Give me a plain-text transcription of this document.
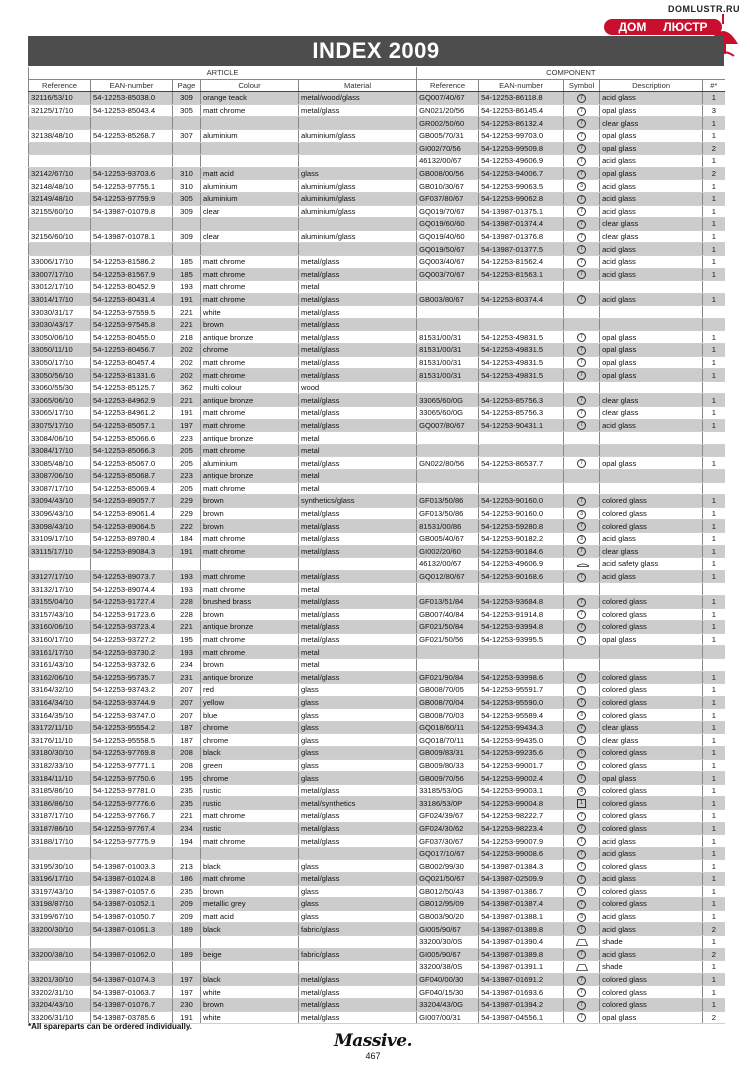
DOMLUSTR.RU
ДОМ ЛЮСТР
INDEX 2009
ARTICLE					COMPONENT				
Reference	EAN-number	Page	Colour	Material	Reference	EAN-number	Symbol	Description	#*
32116/53/10	54-12253-85038.0	309	orange teack	metal/wood/glass	GQ007/40/67	54-12253-86118.8	7	acid glass	1
32125/17/10	54-12253-85043.4	305	matt chrome	metal/glass	GN021/20/56	54-12253-86145.4	7	opal glass	3
					GR002/50/60	54-12253-86132.4	7	clear glass	1
32138/48/10	54-12253-85268.7	307	aluminium	aluminium/glass	GB005/70/31	54-12253-99703.0	7	opal glass	1
					GI002/70/56	54-12253-99509.8	7	opal glass	2
					46132/00/67	54-12253-49606.9	7	acid glass	1
32142/67/10	54-12253-93703.6	310	matt acid	glass	GB008/00/56	54-12253-94006.7	7	opal glass	2
32148/48/10	54-12253-97755.1	310	aluminium	aluminium/glass	GB010/30/67	54-12253-99063.5	3	acid glass	1
32149/48/10	54-12253-97759.9	305	aluminium	aluminium/glass	GF037/80/67	54-12253-99062.8	7	acid glass	1
32155/60/10	54-13987-01079.8	309	clear	aluminium/glass	GQ019/70/67	54-13987-01375.1	7	acid glass	1
					GQ019/60/60	54-13987-01374.4	7	clear glass	1
32156/60/10	54-13987-01078.1	309	clear	aluminium/glass	GQ019/40/60	54-13987-01376.8	7	clear glass	1
					GQ019/50/67	54-13987-01377.5	7	acid glass	1
33006/17/10	54-12253-81586.2	185	matt chrome	metal/glass	GQ003/40/67	54-12253-81562.4	7	acid glass	1
33007/17/10	54-12253-81567.9	185	matt chrome	metal/glass	GQ003/70/67	54-12253-81563.1	7	acid glass	1
33012/17/10	54-12253-80452.9	193	matt chrome	metal					
33014/17/10	54-12253-80431.4	191	matt chrome	metal/glass	GB003/80/67	54-12253-80374.4	7	acid glass	1
33030/31/17	54-12253-97559.5	221	white	metal/glass					
33030/43/17	54-12253-97545.8	221	brown	metal/glass					
33050/06/10	54-12253-80455.0	218	antique bronze	metal/glass	81531/00/31	54-12253-49831.5	7	opal glass	1
33050/11/10	54-12253-80456.7	202	chrome	metal/glass	81531/00/31	54-12253-49831.5	7	opal glass	1
33050/17/10	54-12253-80457.4	202	matt chrome	metal/glass	81531/00/31	54-12253-49831.5	7	opal glass	1
33050/56/10	54-12253-81331.6	202	matt chrome	metal/glass	81531/00/31	54-12253-49831.5	7	opal glass	1
33060/55/30	54-12253-85125.7	362	multi colour	wood					
33065/06/10	54-12253-84962.9	221	antique bronze	metal/glass	33065/60/0G	54-12253-85756.3	7	clear glass	1
33065/17/10	54-12253-84961.2	191	matt chrome	metal/glass	33065/60/0G	54-12253-85756.3	7	clear glass	1
33075/17/10	54-12253-85057.1	197	matt chrome	metal/glass	GQ007/80/67	54-12253-90431.1	7	acid glass	1
33084/06/10	54-12253-85066.6	223	antique bronze	metal					
33084/17/10	54-12253-85066.3	205	matt chrome	metal					
33085/48/10	54-12253-85067.0	205	aluminium	metal/glass	GN022/80/56	54-12253-86537.7	7	opal glass	1
33087/06/10	54-12253-85068.7	223	antique bronze	metal					
33087/17/10	54-12253-85069.4	205	matt chrome	metal					
33094/43/10	54-12253-89057.7	229	brown	synthetics/glass	GF013/50/86	54-12253-90160.0	7	colored glass	1
33096/43/10	54-12253-89061.4	229	brown	metal/glass	GF013/50/86	54-12253-90160.0	3	colored glass	1
33098/43/10	54-12253-89064.5	222	brown	metal/glass	81531/00/86	54-12253-59280.8	7	colored glass	1
33109/17/10	54-12253-89780.4	184	matt chrome	metal/glass	GB005/40/67	54-12253-90182.2	3	acid glass	1
33115/17/10	54-12253-89084.3	191	matt chrome	metal/glass	GI002/20/60	54-12253-90184.6	7	clear glass	1
					46132/00/67	54-12253-49606.9		acid safety glass	1
33127/17/10	54-12253-89073.7	193	matt chrome	metal/glass	GQ012/80/67	54-12253-90168.6	7	acid glass	1
33132/17/10	54-12253-89074.4	193	matt chrome	metal					
33155/04/10	54-12253-91727.4	228	brushed brass	metal/glass	GF013/51/84	54-12253-93684.8	7	colored glass	1
33157/43/10	54-12253-91723.6	228	brown	metal/glass	GB007/40/84	54-12253-91914.8	7	colored glass	1
33160/06/10	54-12253-93723.4	221	antique bronze	metal/glass	GF021/50/84	54-12253-93994.8	7	colored glass	1
33160/17/10	54-12253-93727.2	195	matt chrome	metal/glass	GF021/50/56	54-12253-93995.5	7	opal glass	1
33161/17/10	54-12253-93730.2	193	matt chrome	metal					
33161/43/10	54-12253-93732.6	234	brown	metal					
33162/06/10	54-12253-95735.7	231	antique bronze	metal/glass	GF021/90/84	54-12253-93998.6	7	colored glass	1
33164/32/10	54-12253-93743.2	207	red	glass	GB008/70/05	54-12253-95591.7	7	colored glass	1
33164/34/10	54-12253-93744.9	207	yellow	glass	GB008/70/04	54-12253-95590.0	7	colored glass	1
33164/35/10	54-12253-93747.0	207	blue	glass	GB008/70/03	54-12253-95589.4	3	colored glass	1
33172/11/10	54-12253-95554.2	187	chrome	glass	GQ018/60/11	54-12253-99434.3	7	clear glass	1
33176/11/10	54-12253-95558.5	187	chrome	glass	GQ018/70/11	54-12253-99435.0	7	clear glass	1
33180/30/10	54-12253-97769.8	208	black	glass	GB009/83/31	54-12253-99235.6	7	colored glass	1
33182/33/10	54-12253-97771.1	208	green	glass	GB009/80/33	54-12253-99001.7	7	colored glass	1
33184/11/10	54-12253-97750.6	195	chrome	glass	GB009/70/56	54-12253-99002.4	7	opal glass	1
33185/86/10	54-12253-97781.0	235	rustic	metal/glass	33185/53/0G	54-12253-99003.1	3	colored glass	1
33186/86/10	54-12253-97776.6	235	rustic	metal/synthetics	33186/53/0P	54-12253-99004.8	1	colored glass	1
33187/17/10	54-12253-97766.7	221	matt chrome	metal/glass	GF024/39/67	54-12253-98222.7	7	colored glass	1
33187/86/10	54-12253-97767.4	234	rustic	metal/glass	GF024/30/62	54-12253-98223.4	7	colored glass	1
33188/17/10	54-12253-97775.9	194	matt chrome	metal/glass	GF037/30/67	54-12253-99007.9	7	acid glass	1
					GQ017/10/67	54-12253-99008.6	7	acid glass	1
33195/30/10	54-13987-01003.3	213	black	glass	GB002/99/30	54-13987-01384.3	7	colored glass	1
33196/17/10	54-13987-01024.8	186	matt chrome	metal/glass	GQ021/50/67	54-13987-02509.9	7	acid glass	1
33197/43/10	54-13987-01057.6	235	brown	glass	GB012/50/43	54-13987-01386.7	7	colored glass	1
33198/87/10	54-13987-01052.1	209	metallic grey	glass	GB012/95/09	54-13987-01387.4	7	colored glass	1
33199/67/10	54-13987-01050.7	209	matt acid	glass	GB003/90/20	54-13987-01388.1	3	acid glass	1
33200/30/10	54-13987-01061.3	189	black	fabric/glass	GI005/90/67	54-13987-01389.8	7	acid glass	2
					33200/30/0S	54-13987-01390.4		shade	1
33200/38/10	54-13987-01062.0	189	beige	fabric/glass	GI005/90/67	54-13987-01389.8	7	acid glass	2
					33200/38/0S	54-13987-01391.1		shade	1
33201/30/10	54-13987-01074.3	197	black	metal/glass	GF040/00/30	54-13987-01691.2	7	colored glass	1
33202/31/10	54-13987-01063.7	197	white	metal/glass	GF040/15/30	54-13987-01693.6	7	colored glass	1
33204/43/10	54-13987-01076.7	230	brown	metal/glass	33204/43/0G	54-13987-01394.2	7	colored glass	1
33206/31/10	54-13987-03785.6	191	white	metal/glass	GI007/00/31	54-13987-04556.1	7	opal glass	2
*All spareparts can be ordered individually.
Massive.
467
